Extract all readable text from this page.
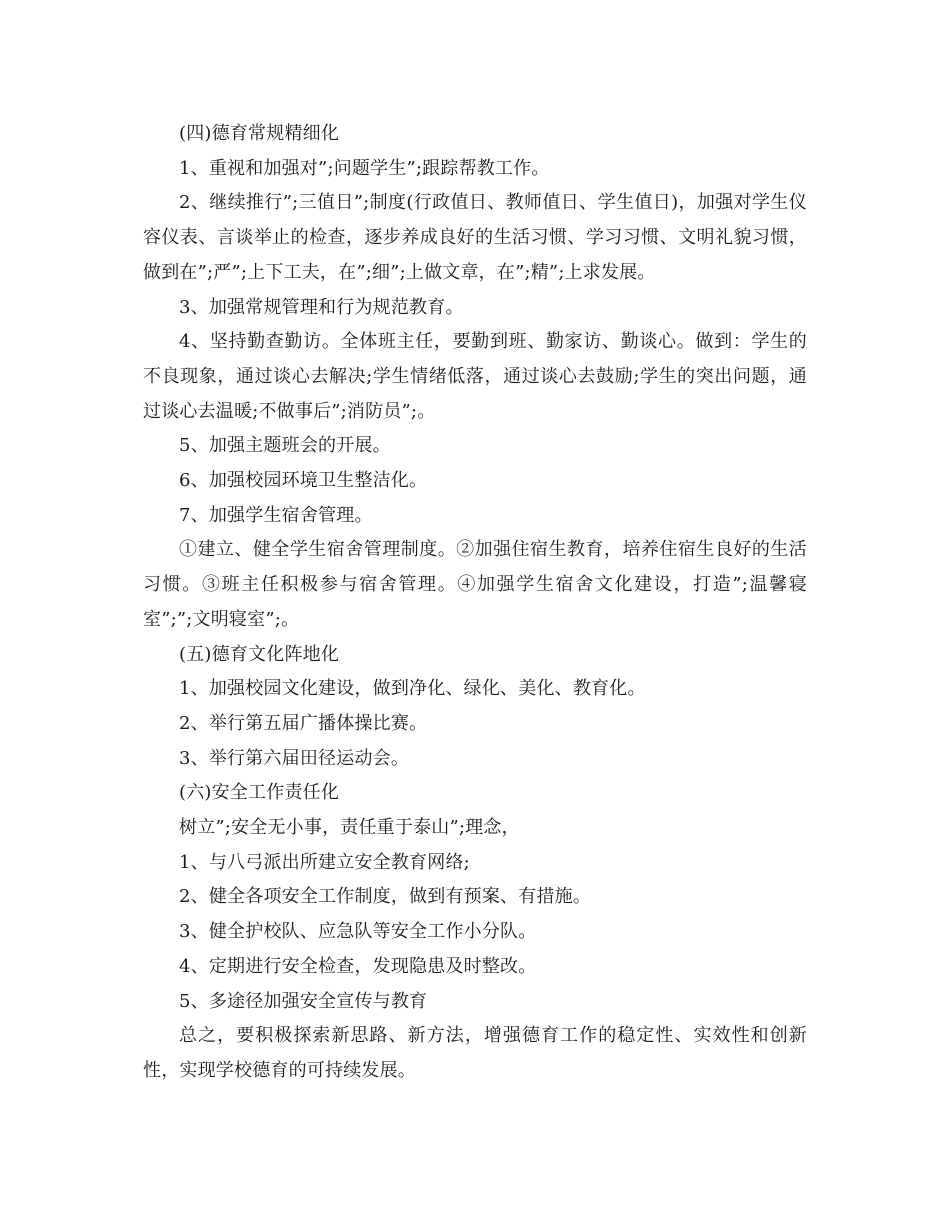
(四)德育常规精细化

1、重视和加强对”;问题学生”;跟踪帮教工作。

2、继续推行”;三值日”;制度(行政值日、教师值日、学生值日)，加强对学生仪容仪表、言谈举止的检查，逐步养成良好的生活习惯、学习习惯、文明礼貌习惯，做到在”;严”;上下工夫，在”;细”;上做文章，在”;精”;上求发展。

3、加强常规管理和行为规范教育。

4、坚持勤查勤访。全体班主任，要勤到班、勤家访、勤谈心。做到：学生的不良现象，通过谈心去解决;学生情绪低落，通过谈心去鼓励;学生的突出问题，通过谈心去温暖;不做事后”;消防员”;。

5、加强主题班会的开展。

6、加强校园环境卫生整洁化。

7、加强学生宿舍管理。

①建立、健全学生宿舍管理制度。②加强住宿生教育，培养住宿生良好的生活习惯。③班主任积极参与宿舍管理。④加强学生宿舍文化建设，打造”;温馨寝室”;”;文明寝室”;。

(五)德育文化阵地化

1、加强校园文化建设，做到净化、绿化、美化、教育化。

2、举行第五届广播体操比赛。

3、举行第六届田径运动会。

(六)安全工作责任化

树立”;安全无小事，责任重于泰山”;理念，

1、与八弓派出所建立安全教育网络;

2、健全各项安全工作制度，做到有预案、有措施。

3、健全护校队、应急队等安全工作小分队。

4、定期进行安全检查，发现隐患及时整改。

5、多途径加强安全宣传与教育

总之，要积极探索新思路、新方法，增强德育工作的稳定性、实效性和创新性，实现学校德育的可持续发展。
